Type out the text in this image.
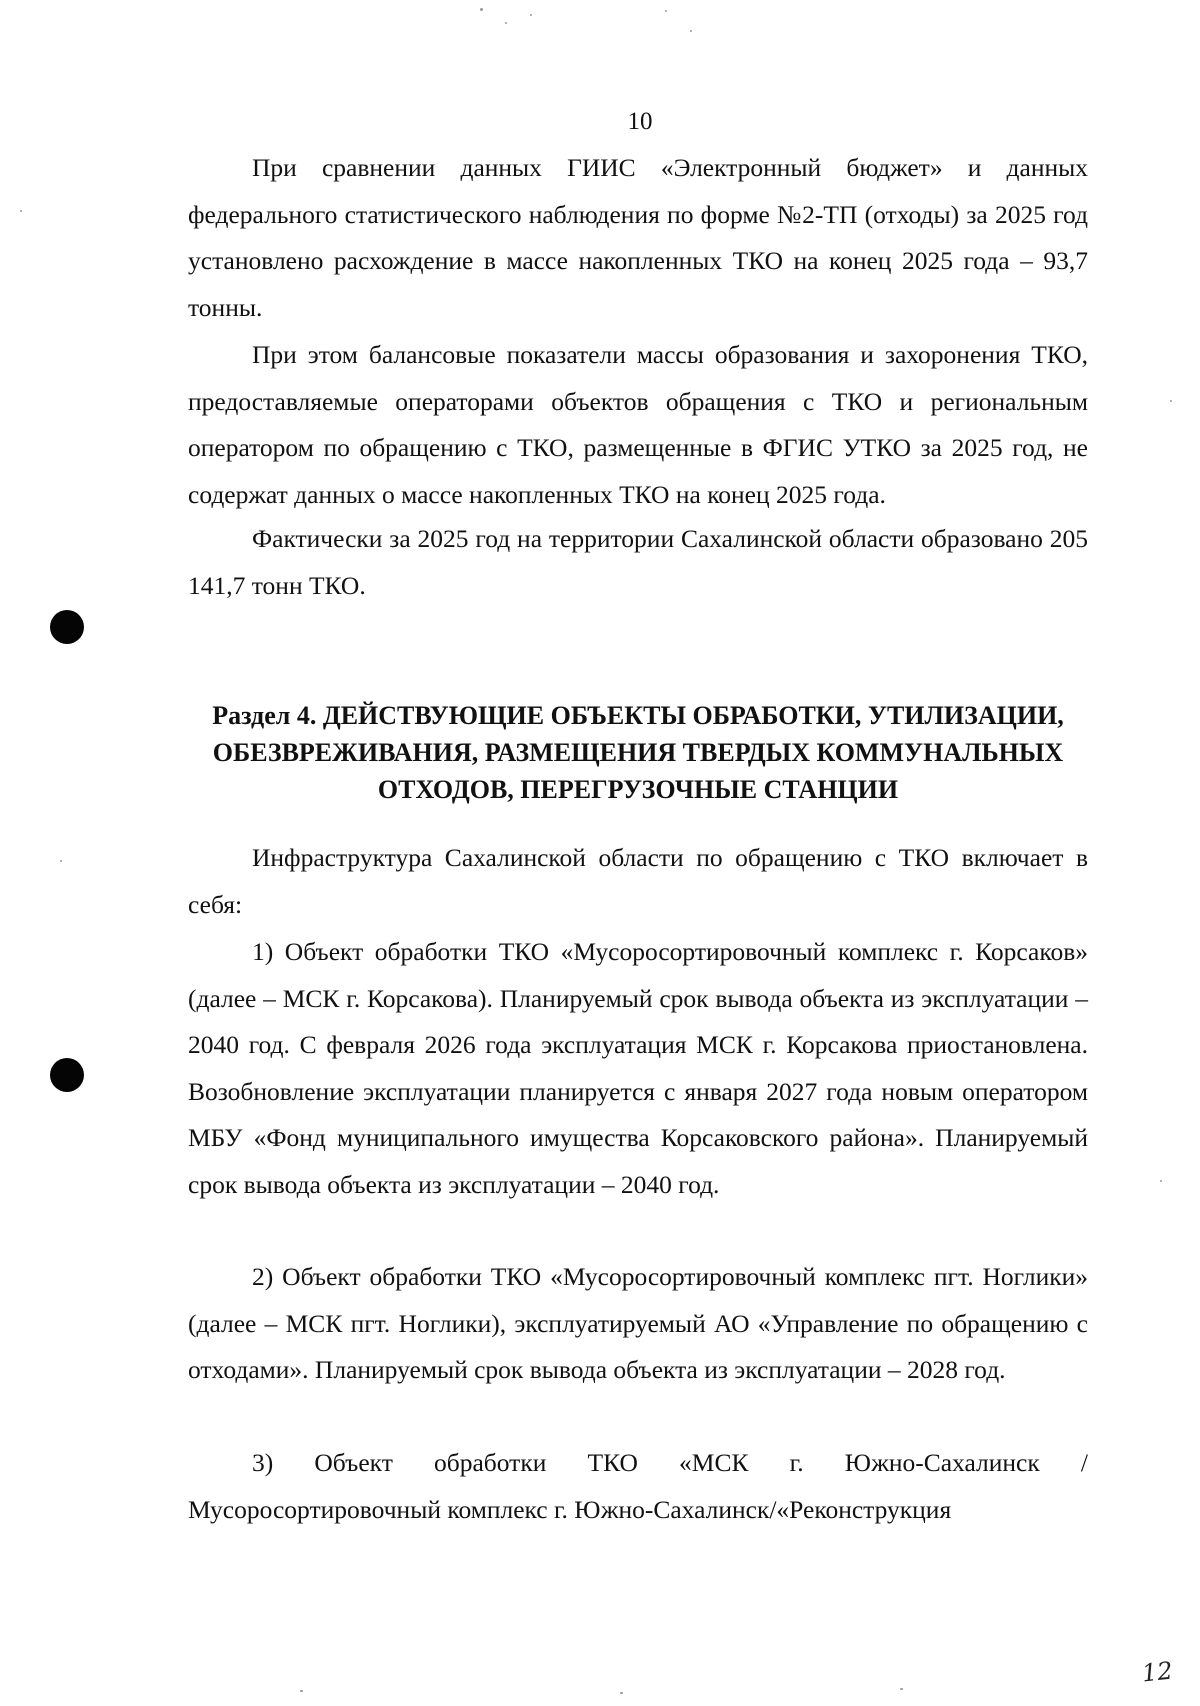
10

При сравнении данных ГИИС «Электронный бюджет» и данных федерального статистического наблюдения по форме №2-ТП (отходы) за 2025 год установлено расхождение в массе накопленных ТКО на конец 2025 года – 93,7 тонны.

При этом балансовые показатели массы образования и захоронения ТКО, предоставляемые операторами объектов обращения с ТКО и региональным оператором по обращению с ТКО, размещенные в ФГИС УТКО за 2025 год, не содержат данных о массе накопленных ТКО на конец 2025 года.

Фактически за 2025 год на территории Сахалинской области образовано 205 141,7 тонн ТКО.

Раздел 4. ДЕЙСТВУЮЩИЕ ОБЪЕКТЫ ОБРАБОТКИ, УТИЛИЗАЦИИ, ОБЕЗВРЕЖИВАНИЯ, РАЗМЕЩЕНИЯ ТВЕРДЫХ КОММУНАЛЬНЫХ ОТХОДОВ, ПЕРЕГРУЗОЧНЫЕ СТАНЦИИ

Инфраструктура Сахалинской области по обращению с ТКО включает в себя:

1) Объект обработки ТКО «Мусоросортировочный комплекс г. Корсаков» (далее – МСК г. Корсакова). Планируемый срок вывода объекта из эксплуатации – 2040 год. С февраля 2026 года эксплуатация МСК г. Корсакова приостановлена. Возобновление эксплуатации планируется с января 2027 года новым оператором МБУ «Фонд муниципального имущества Корсаковского района». Планируемый срок вывода объекта из эксплуатации – 2040 год.

2) Объект обработки ТКО «Мусоросортировочный комплекс пгт. Ноглики» (далее – МСК пгт. Ноглики), эксплуатируемый АО «Управление по обращению с отходами». Планируемый срок вывода объекта из эксплуатации – 2028 год.

3) Объект обработки ТКО «МСК г. Южно-Сахалинск / Мусоросортировочный комплекс г. Южно-Сахалинск/«Реконструкция

12
